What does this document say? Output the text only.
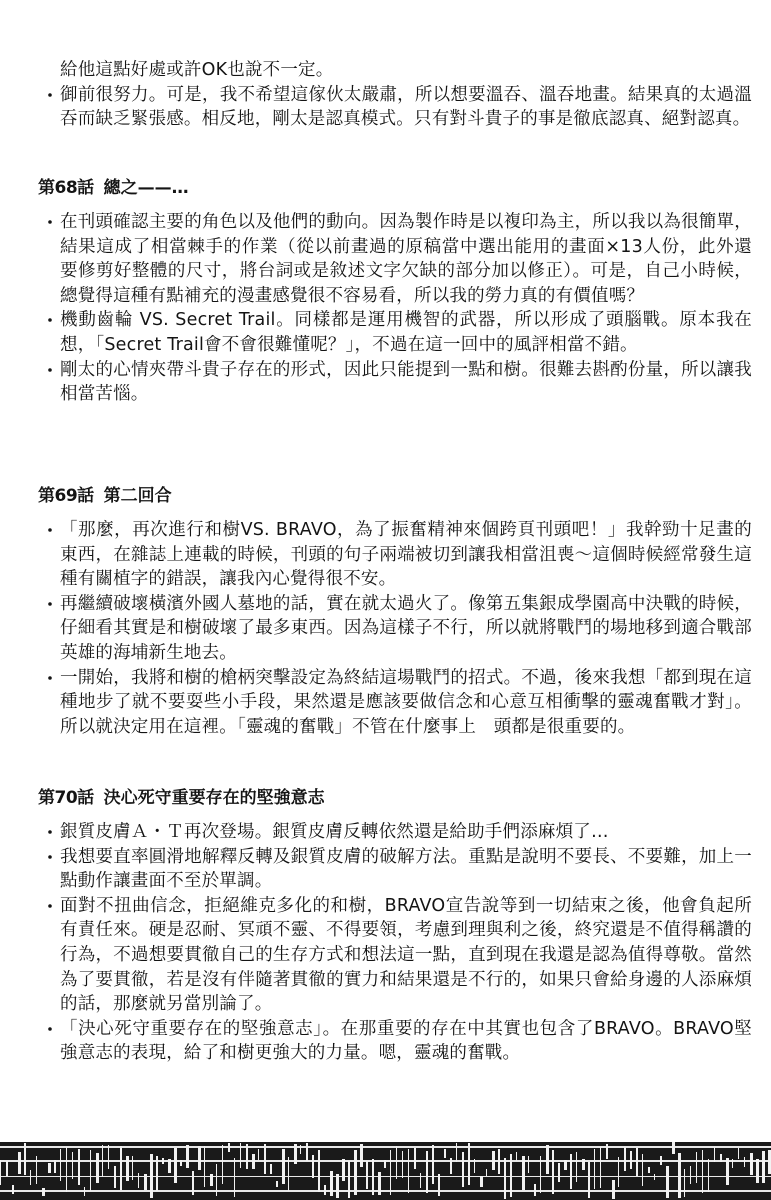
給他這點好處或許OK也說不一定。

・ 御前很努力。可是，我不希望這傢伙太嚴肅，所以想要溫吞、溫吞地畫。結果真的太過溫吞而缺乏緊張感。相反地，剛太是認真模式。只有對斗貴子的事是徹底認真、絕對認真。

第68話 總之——…
・ 在刊頭確認主要的角色以及他們的動向。因為製作時是以複印為主，所以我以為很簡單，結果這成了相當棘手的作業（從以前畫過的原稿當中選出能用的畫面×13人份，此外還要修剪好整體的尺寸，將台詞或是敘述文字欠缺的部分加以修正）。可是，自己小時候，總覺得這種有點補充的漫畫感覺很不容易看，所以我的勞力真的有價值嗎？

・ 機動齒輪 VS. Secret Trail。同樣都是運用機智的武器，所以形成了頭腦戰。原本我在想，「Secret Trail會不會很難懂呢？」，不過在這一回中的風評相當不錯。

・ 剛太的心情夾帶斗貴子存在的形式，因此只能提到一點和樹。很難去斟酌份量，所以讓我相當苦惱。

第69話 第二回合
・ 「那麼，再次進行和樹VS. BRAVO，為了振奮精神來個跨頁刊頭吧！」我幹勁十足畫的東西，在雜誌上連載的時候，刊頭的句子兩端被切到讓我相當沮喪～這個時候經常發生這種有關植字的錯誤，讓我內心覺得很不安。

・ 再繼續破壞橫濱外國人墓地的話，實在就太過火了。像第五集銀成學園高中決戰的時候，仔細看其實是和樹破壞了最多東西。因為這樣子不行，所以就將戰鬥的場地移到適合戰部英雄的海埔新生地去。

・ 一開始，我將和樹的槍柄突擊設定為終結這場戰鬥的招式。不過，後來我想「都到現在這種地步了就不要耍些小手段，果然還是應該要做信念和心意互相衝擊的靈魂奮戰才對」。所以就決定用在這裡。「靈魂的奮戰」不管在什麼事上　頭都是很重要的。

第70話 決心死守重要存在的堅強意志
・ 銀質皮膚Ａ・Ｔ再次登場。銀質皮膚反轉依然還是給助手們添麻煩了…

・ 我想要直率圓滑地解釋反轉及銀質皮膚的破解方法。重點是說明不要長、不要難，加上一點動作讓畫面不至於單調。

・ 面對不扭曲信念，拒絕維克多化的和樹，BRAVO宣告說等到一切結束之後，他會負起所有責任來。硬是忍耐、冥頑不靈、不得要領，考慮到理與利之後，終究還是不值得稱讚的行為，不過想要貫徹自己的生存方式和想法這一點，直到現在我還是認為值得尊敬。當然為了要貫徹，若是沒有伴隨著貫徹的實力和結果還是不行的，如果只會給身邊的人添麻煩的話，那麼就另當別論了。

・ 「決心死守重要存在的堅強意志」。在那重要的存在中其實也包含了BRAVO。BRAVO堅強意志的表現，給了和樹更強大的力量。嗯，靈魂的奮戰。
